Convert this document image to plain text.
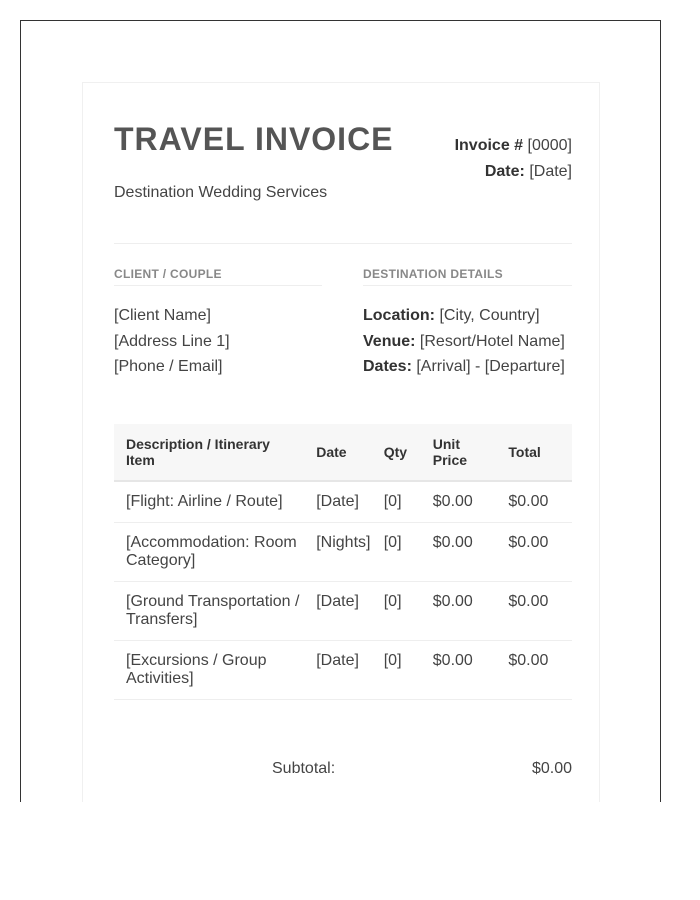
TRAVEL INVOICE
Destination Wedding Services
Invoice # [0000]
Date: [Date]
CLIENT / COUPLE	DESTINATION DETAILS
[Client Name]
[Address Line 1]
[Phone / Email]
Location: [City, Country]
Venue: [Resort/Hotel Name]
Dates: [Arrival] - [Departure]
Description / Itinerary Item	Date	Qty	Unit Price	Total
[Flight: Airline / Route]	[Date]	[0]	$0.00	$0.00
[Accommodation: Room Category]	[Nights]	[0]	$0.00	$0.00
[Ground Transportation / Transfers]	[Date]	[0]	$0.00	$0.00
[Excursions / Group Activities]	[Date]	[0]	$0.00	$0.00
Subtotal:	$0.00
